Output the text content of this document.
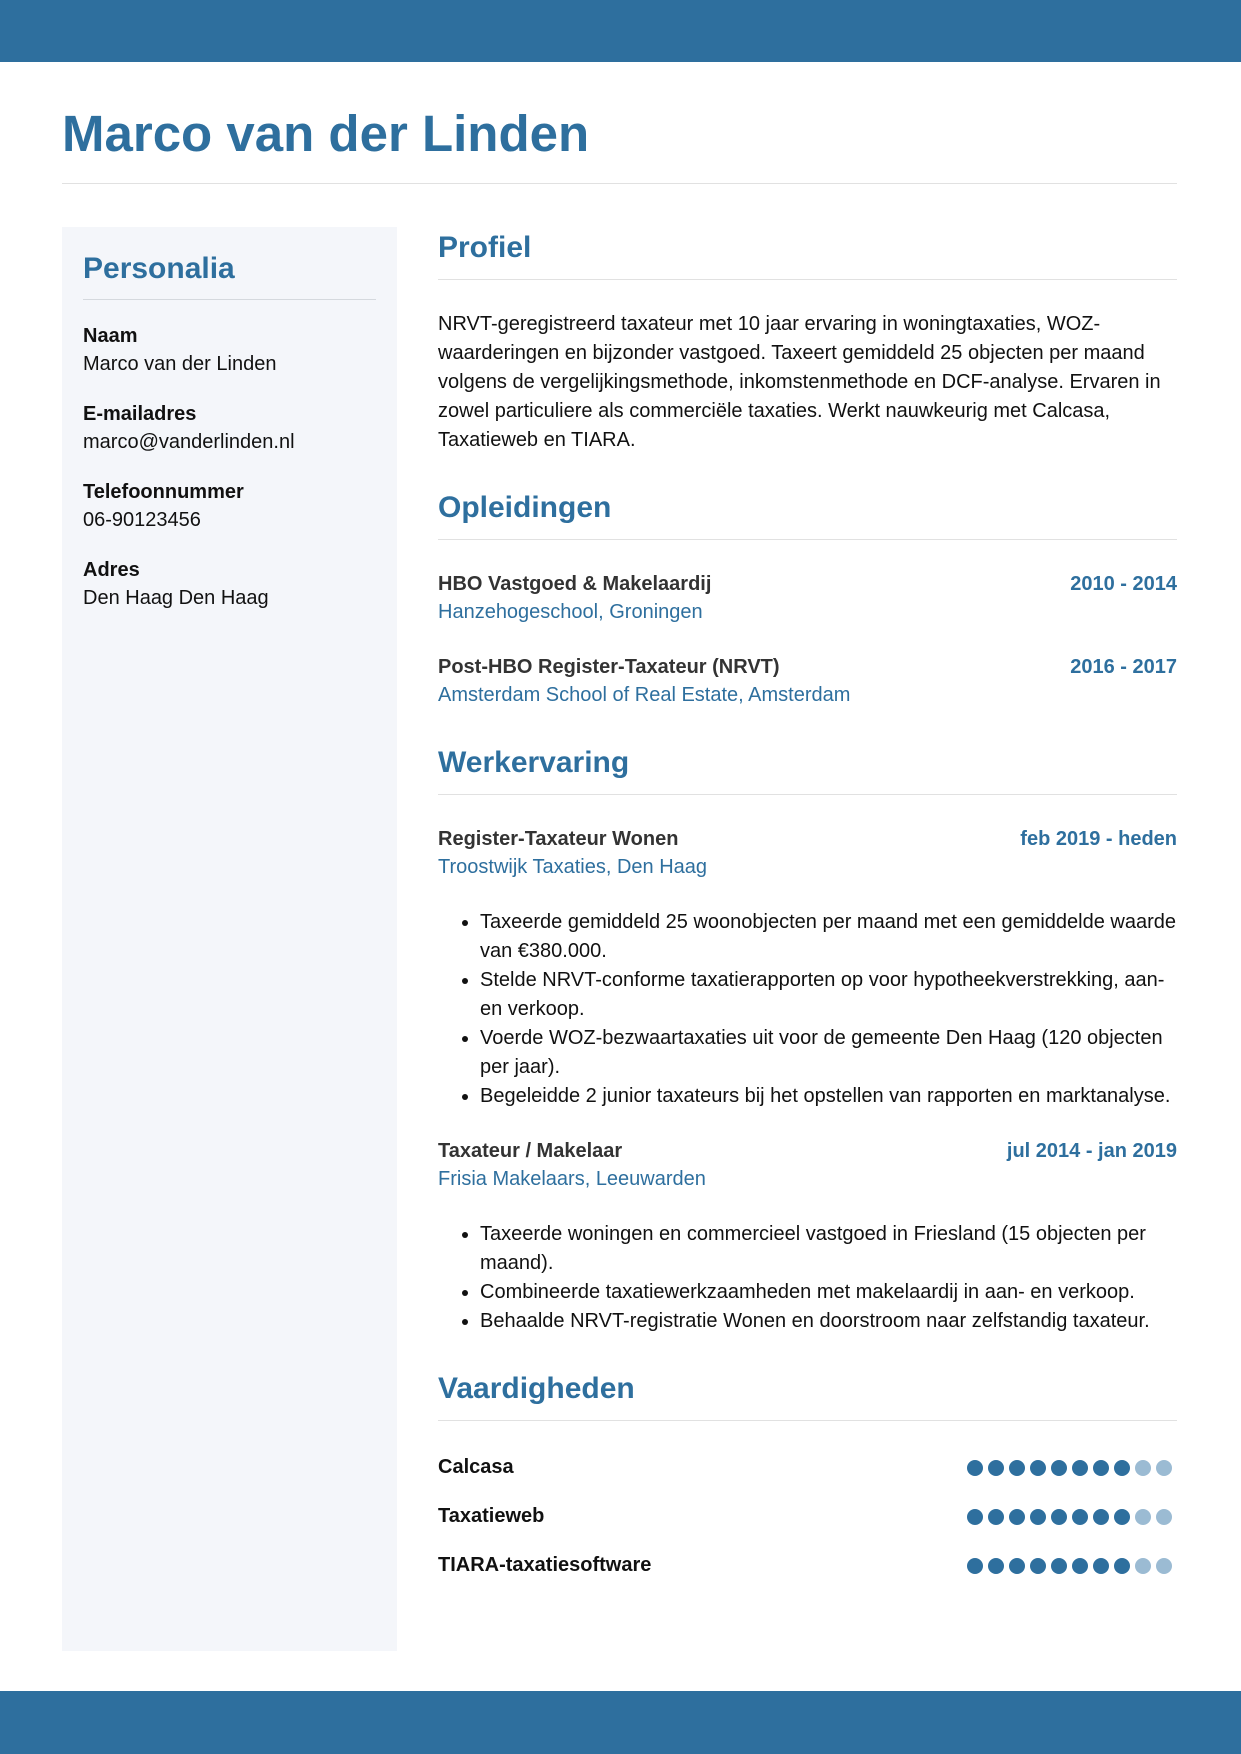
Marco van der Linden
Personalia
Naam
Marco van der Linden
E-mailadres
marco@vanderlinden.nl
Telefoonnummer
06-90123456
Adres
Den Haag Den Haag
Profiel

NRVT-geregistreerd taxateur met 10 jaar ervaring in woningtaxaties, WOZ-waarderingen en bijzonder vastgoed. Taxeert gemiddeld 25 objecten per maand volgens de vergelijkingsmethode, inkomstenmethode en DCF-analyse. Ervaren in zowel particuliere als commerciële taxaties. Werkt nauwkeurig met Calcasa, Taxatieweb en TIARA.

Opleidingen
HBO Vastgoed & Makelaardij	2010 - 2014
Hanzehogeschool, Groningen
Post-HBO Register-Taxateur (NRVT)	2016 - 2017
Amsterdam School of Real Estate, Amsterdam
Werkervaring
Register-Taxateur Wonen	feb 2019 - heden
Troostwijk Taxaties, Den Haag
• Taxeerde gemiddeld 25 woonobjecten per maand met een gemiddelde waarde van €380.000.
• Stelde NRVT-conforme taxatierapporten op voor hypotheekverstrekking, aan- en verkoop.
• Voerde WOZ-bezwaartaxaties uit voor de gemeente Den Haag (120 objecten per jaar).
• Begeleidde 2 junior taxateurs bij het opstellen van rapporten en marktanalyse.
Taxateur / Makelaar	jul 2014 - jan 2019
Frisia Makelaars, Leeuwarden
• Taxeerde woningen en commercieel vastgoed in Friesland (15 objecten per maand).
• Combineerde taxatiewerkzaamheden met makelaardij in aan- en verkoop.
• Behaalde NRVT-registratie Wonen en doorstroom naar zelfstandig taxateur.
Vaardigheden
Calcasa
Taxatieweb
TIARA-taxatiesoftware
